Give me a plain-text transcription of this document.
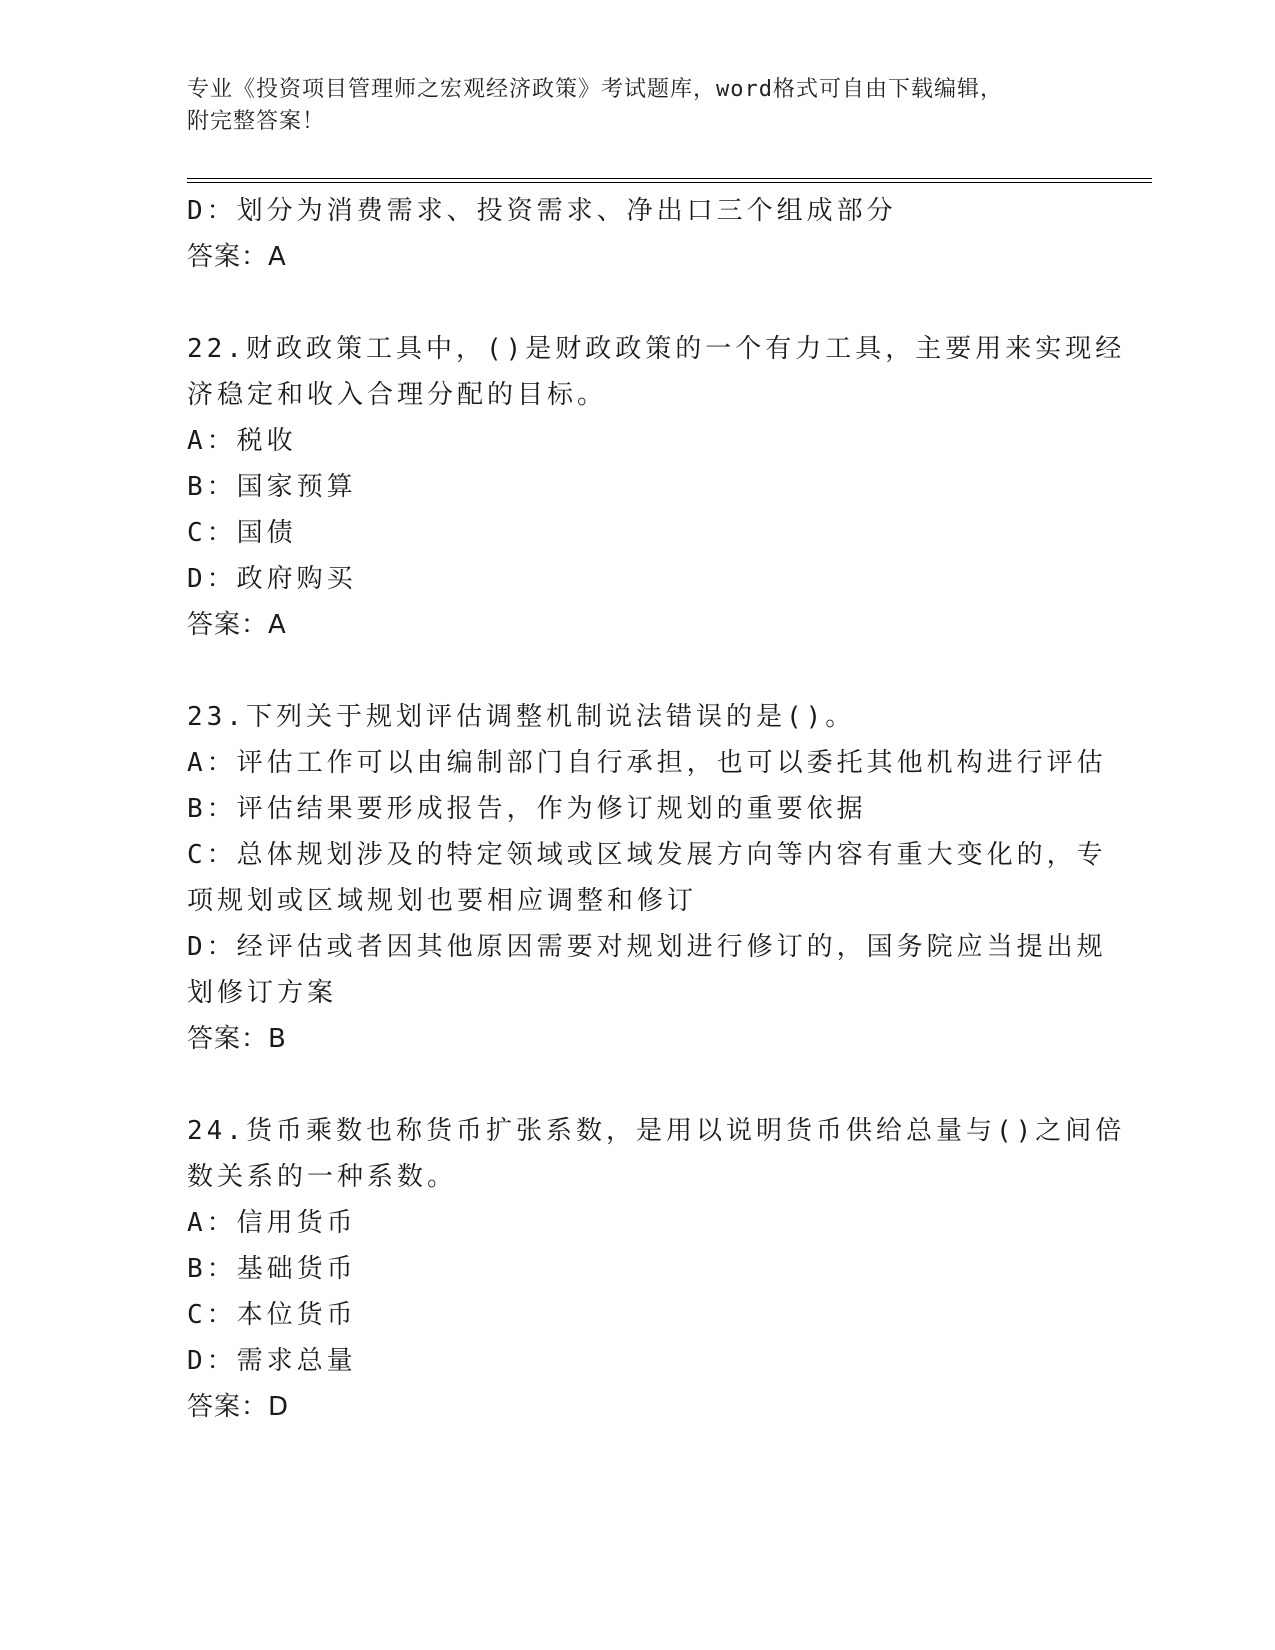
专业《投资项目管理师之宏观经济政策》考试题库，word格式可自由下载编辑，
附完整答案！
D：划分为消费需求、投资需求、净出口三个组成部分
答案：A
22.财政政策工具中，()是财政政策的一个有力工具，主要用来实现经
济稳定和收入合理分配的目标。
A：税收
B：国家预算
C：国债
D：政府购买
答案：A
23.下列关于规划评估调整机制说法错误的是()。
A：评估工作可以由编制部门自行承担，也可以委托其他机构进行评估
B：评估结果要形成报告，作为修订规划的重要依据
C：总体规划涉及的特定领域或区域发展方向等内容有重大变化的，专
项规划或区域规划也要相应调整和修订
D：经评估或者因其他原因需要对规划进行修订的，国务院应当提出规
划修订方案
答案：B
24.货币乘数也称货币扩张系数，是用以说明货币供给总量与()之间倍
数关系的一种系数。
A：信用货币
B：基础货币
C：本位货币
D：需求总量
答案：D
